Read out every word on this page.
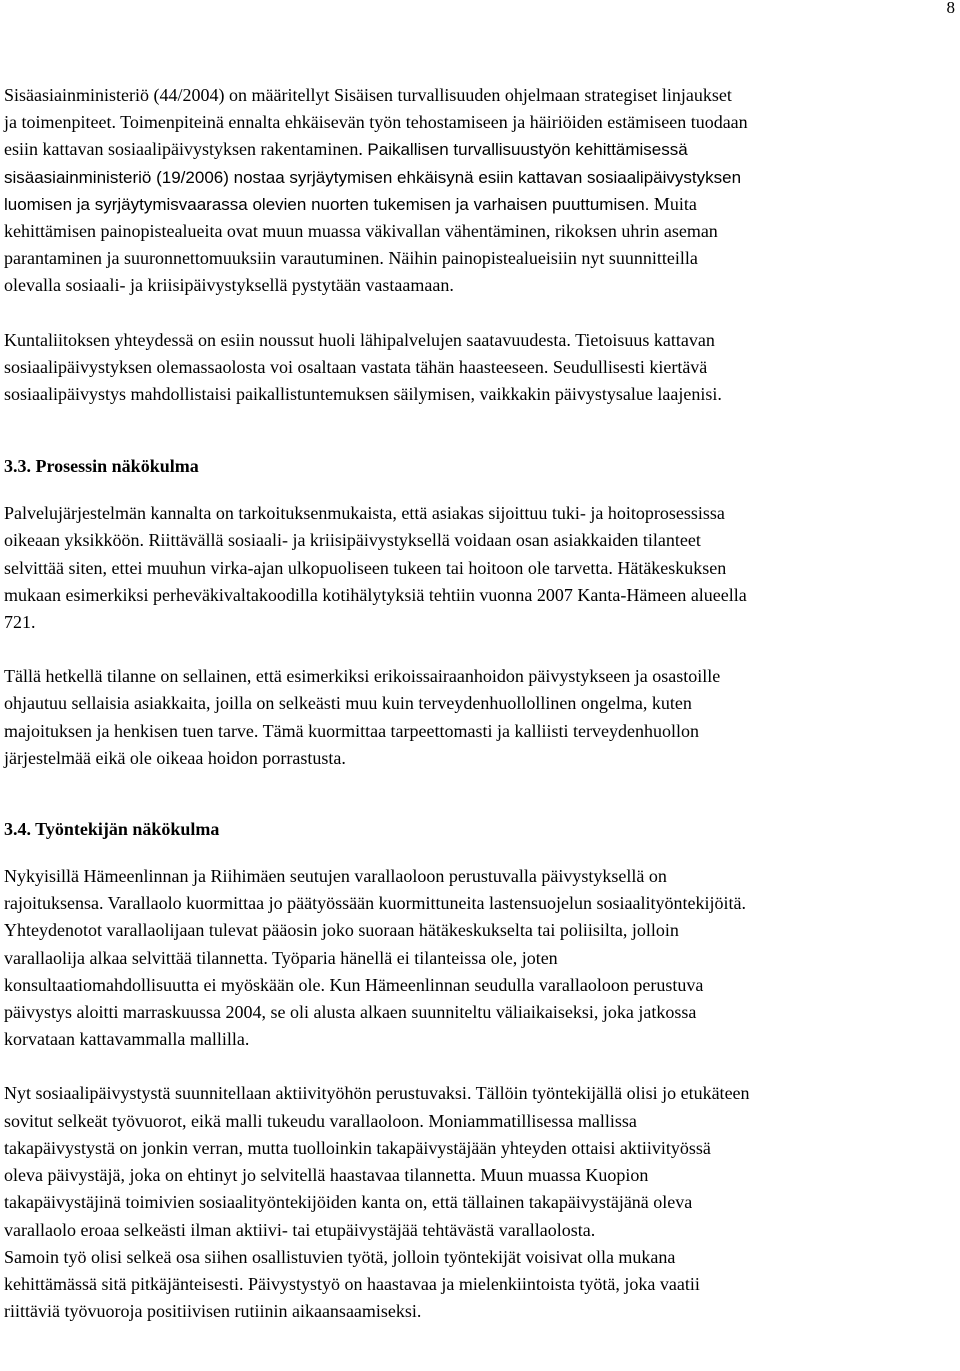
8

Sisäasiainministeriö (44/2004) on määritellyt Sisäisen turvallisuuden ohjelmaan strategiset linjaukset

ja toimenpiteet. Toimenpiteinä ennalta ehkäisevän työn tehostamiseen ja häiriöiden estämiseen tuodaan

esiin kattavan sosiaalipäivystyksen rakentaminen. Paikallisen turvallisuustyön kehittämisessä

sisäasiainministeriö (19/2006) nostaa syrjäytymisen ehkäisynä esiin kattavan sosiaalipäivystyksen

luomisen ja syrjäytymisvaarassa olevien nuorten tukemisen ja varhaisen puuttumisen. Muita

kehittämisen painopistealueita ovat muun muassa väkivallan vähentäminen, rikoksen uhrin aseman

parantaminen ja suuronnettomuuksiin varautuminen. Näihin painopistealueisiin nyt suunnitteilla

olevalla sosiaali- ja kriisipäivystyksellä pystytään vastaamaan.

Kuntaliitoksen yhteydessä on esiin noussut huoli lähipalvelujen saatavuudesta. Tietoisuus kattavan

sosiaalipäivystyksen olemassaolosta voi osaltaan vastata tähän haasteeseen. Seudullisesti kiertävä

sosiaalipäivystys mahdollistaisi paikallistuntemuksen säilymisen, vaikkakin päivystysalue laajenisi.

3.3. Prosessin näkökulma

Palvelujärjestelmän kannalta on tarkoituksenmukaista, että asiakas sijoittuu tuki- ja hoitoprosessissa

oikeaan yksikköön. Riittävällä sosiaali- ja kriisipäivystyksellä voidaan osan asiakkaiden tilanteet

selvittää siten, ettei muuhun virka-ajan ulkopuoliseen tukeen tai hoitoon ole tarvetta. Hätäkeskuksen

mukaan esimerkiksi perheväkivaltakoodilla kotihälytyksiä tehtiin vuonna 2007 Kanta-Hämeen alueella

721.

Tällä hetkellä tilanne on sellainen, että esimerkiksi erikoissairaanhoidon päivystykseen ja osastoille

ohjautuu sellaisia asiakkaita, joilla on selkeästi muu kuin terveydenhuollollinen ongelma, kuten

majoituksen ja henkisen tuen tarve. Tämä kuormittaa tarpeettomasti ja kalliisti terveydenhuollon

järjestelmää eikä ole oikeaa hoidon porrastusta.

3.4. Työntekijän näkökulma

Nykyisillä Hämeenlinnan ja Riihimäen seutujen varallaoloon perustuvalla päivystyksellä on

rajoituksensa. Varallaolo kuormittaa jo päätyössään kuormittuneita lastensuojelun sosiaalityöntekijöitä.

Yhteydenotot varallaolijaan tulevat pääosin joko suoraan hätäkeskukselta tai poliisilta, jolloin

varallaolija alkaa selvittää tilannetta. Työparia hänellä ei tilanteissa ole, joten

konsultaatiomahdollisuutta ei myöskään ole. Kun Hämeenlinnan seudulla varallaoloon perustuva

päivystys aloitti marraskuussa 2004, se oli alusta alkaen suunniteltu väliaikaiseksi, joka jatkossa

korvataan kattavammalla mallilla.

Nyt sosiaalipäivystystä suunnitellaan aktiivityöhön perustuvaksi. Tällöin työntekijällä olisi jo etukäteen

sovitut selkeät työvuorot, eikä malli tukeudu varallaoloon. Moniammatillisessa mallissa

takapäivystystä on jonkin verran, mutta tuolloinkin takapäivystäjään yhteyden ottaisi aktiivityössä

oleva päivystäjä, joka on ehtinyt jo selvitellä haastavaa tilannetta. Muun muassa Kuopion

takapäivystäjinä toimivien sosiaalityöntekijöiden kanta on, että tällainen takapäivystäjänä oleva

varallaolo eroaa selkeästi ilman aktiivi- tai etupäivystäjää tehtävästä varallaolosta.

Samoin työ olisi selkeä osa siihen osallistuvien työtä, jolloin työntekijät voisivat olla mukana

kehittämässä sitä pitkäjänteisesti. Päivystystyö on haastavaa ja mielenkiintoista työtä, joka vaatii

riittäviä työvuoroja positiivisen rutiinin aikaansaamiseksi.
